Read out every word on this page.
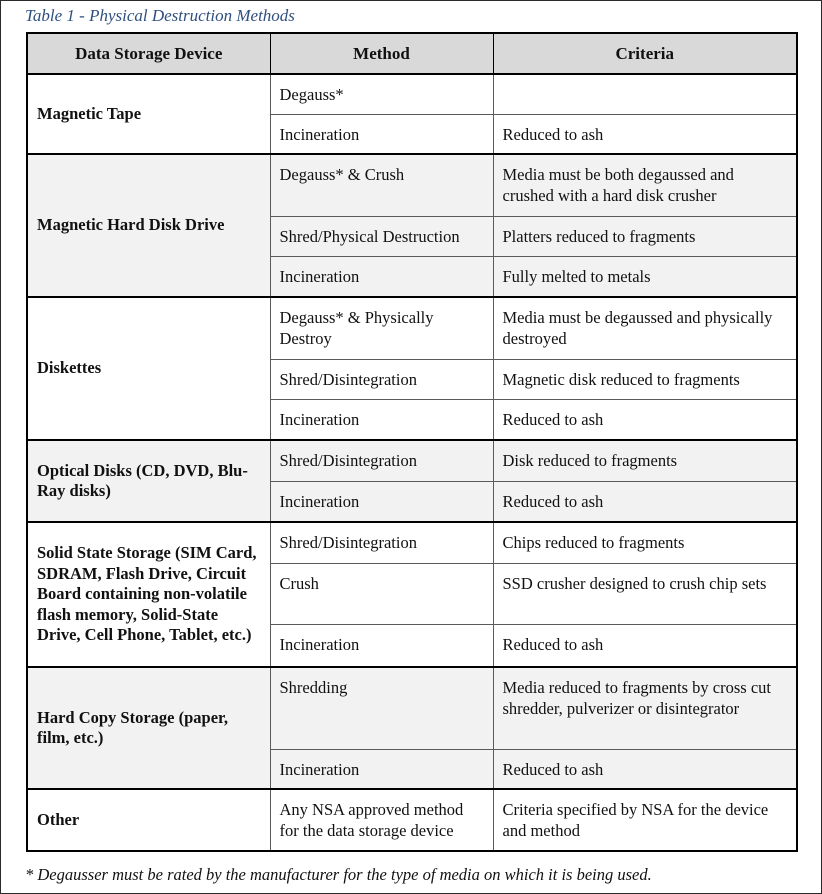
Table 1 - Physical Destruction Methods
Data Storage Device	Method	Criteria
Magnetic Tape	Degauss*	
	Incineration	Reduced to ash
Magnetic Hard Disk Drive	Degauss* & Crush	Media must be both degaussed and crushed with a hard disk crusher
	Shred/Physical Destruction	Platters reduced to fragments
	Incineration	Fully melted to metals
Diskettes	Degauss* & Physically Destroy	Media must be degaussed and physically destroyed
	Shred/Disintegration	Magnetic disk reduced to fragments
	Incineration	Reduced to ash
Optical Disks (CD, DVD, Blu-Ray disks)	Shred/Disintegration	Disk reduced to fragments
	Incineration	Reduced to ash
Solid State Storage (SIM Card, SDRAM, Flash Drive, Circuit Board containing non-volatile flash memory, Solid-State Drive, Cell Phone, Tablet, etc.)	Shred/Disintegration	Chips reduced to fragments
	Crush	SSD crusher designed to crush chip sets
	Incineration	Reduced to ash
Hard Copy Storage (paper, film, etc.)	Shredding	Media reduced to fragments by cross cut shredder, pulverizer or disintegrator
	Incineration	Reduced to ash
Other	Any NSA approved method for the data storage device	Criteria specified by NSA for the device and method
* Degausser must be rated by the manufacturer for the type of media on which it is being used.
